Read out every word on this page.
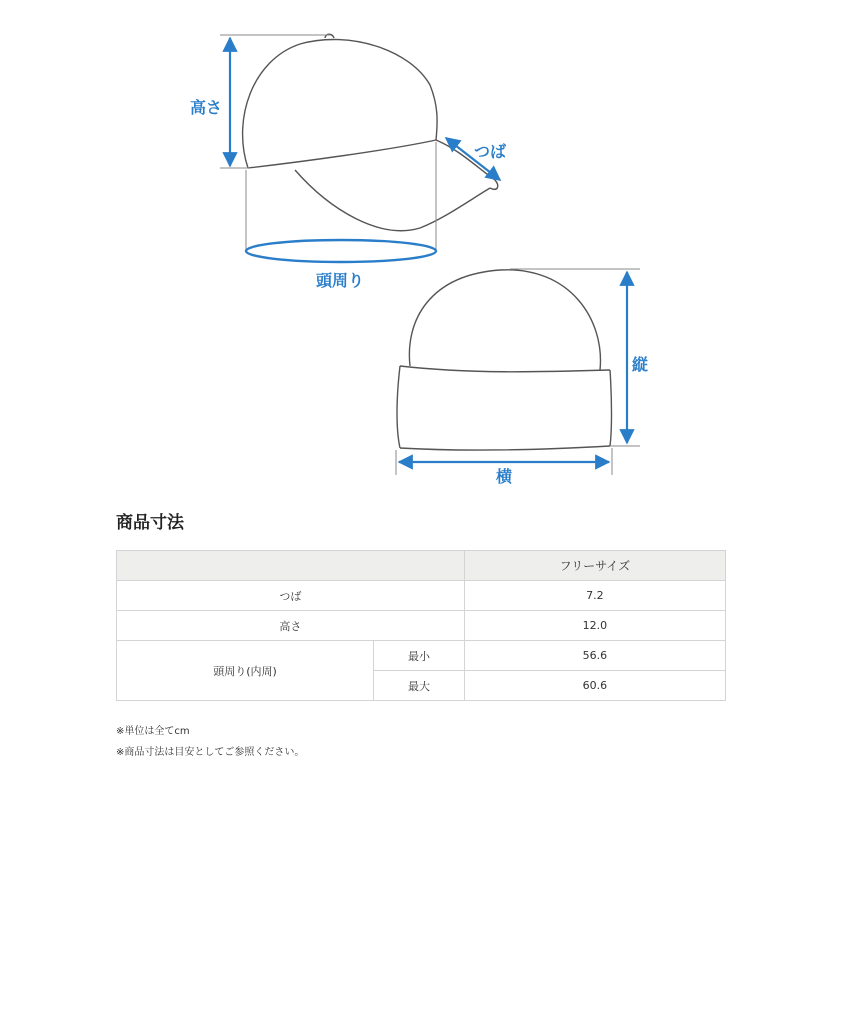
高さ
つば
頭周り
縦
横
商品寸法
		フリーサイズ
つば		7.2
高さ		12.0
頭周り(内周)	最小	56.6
	最大	60.6

※単位は全てcm

※商品寸法は目安としてご参照ください。
